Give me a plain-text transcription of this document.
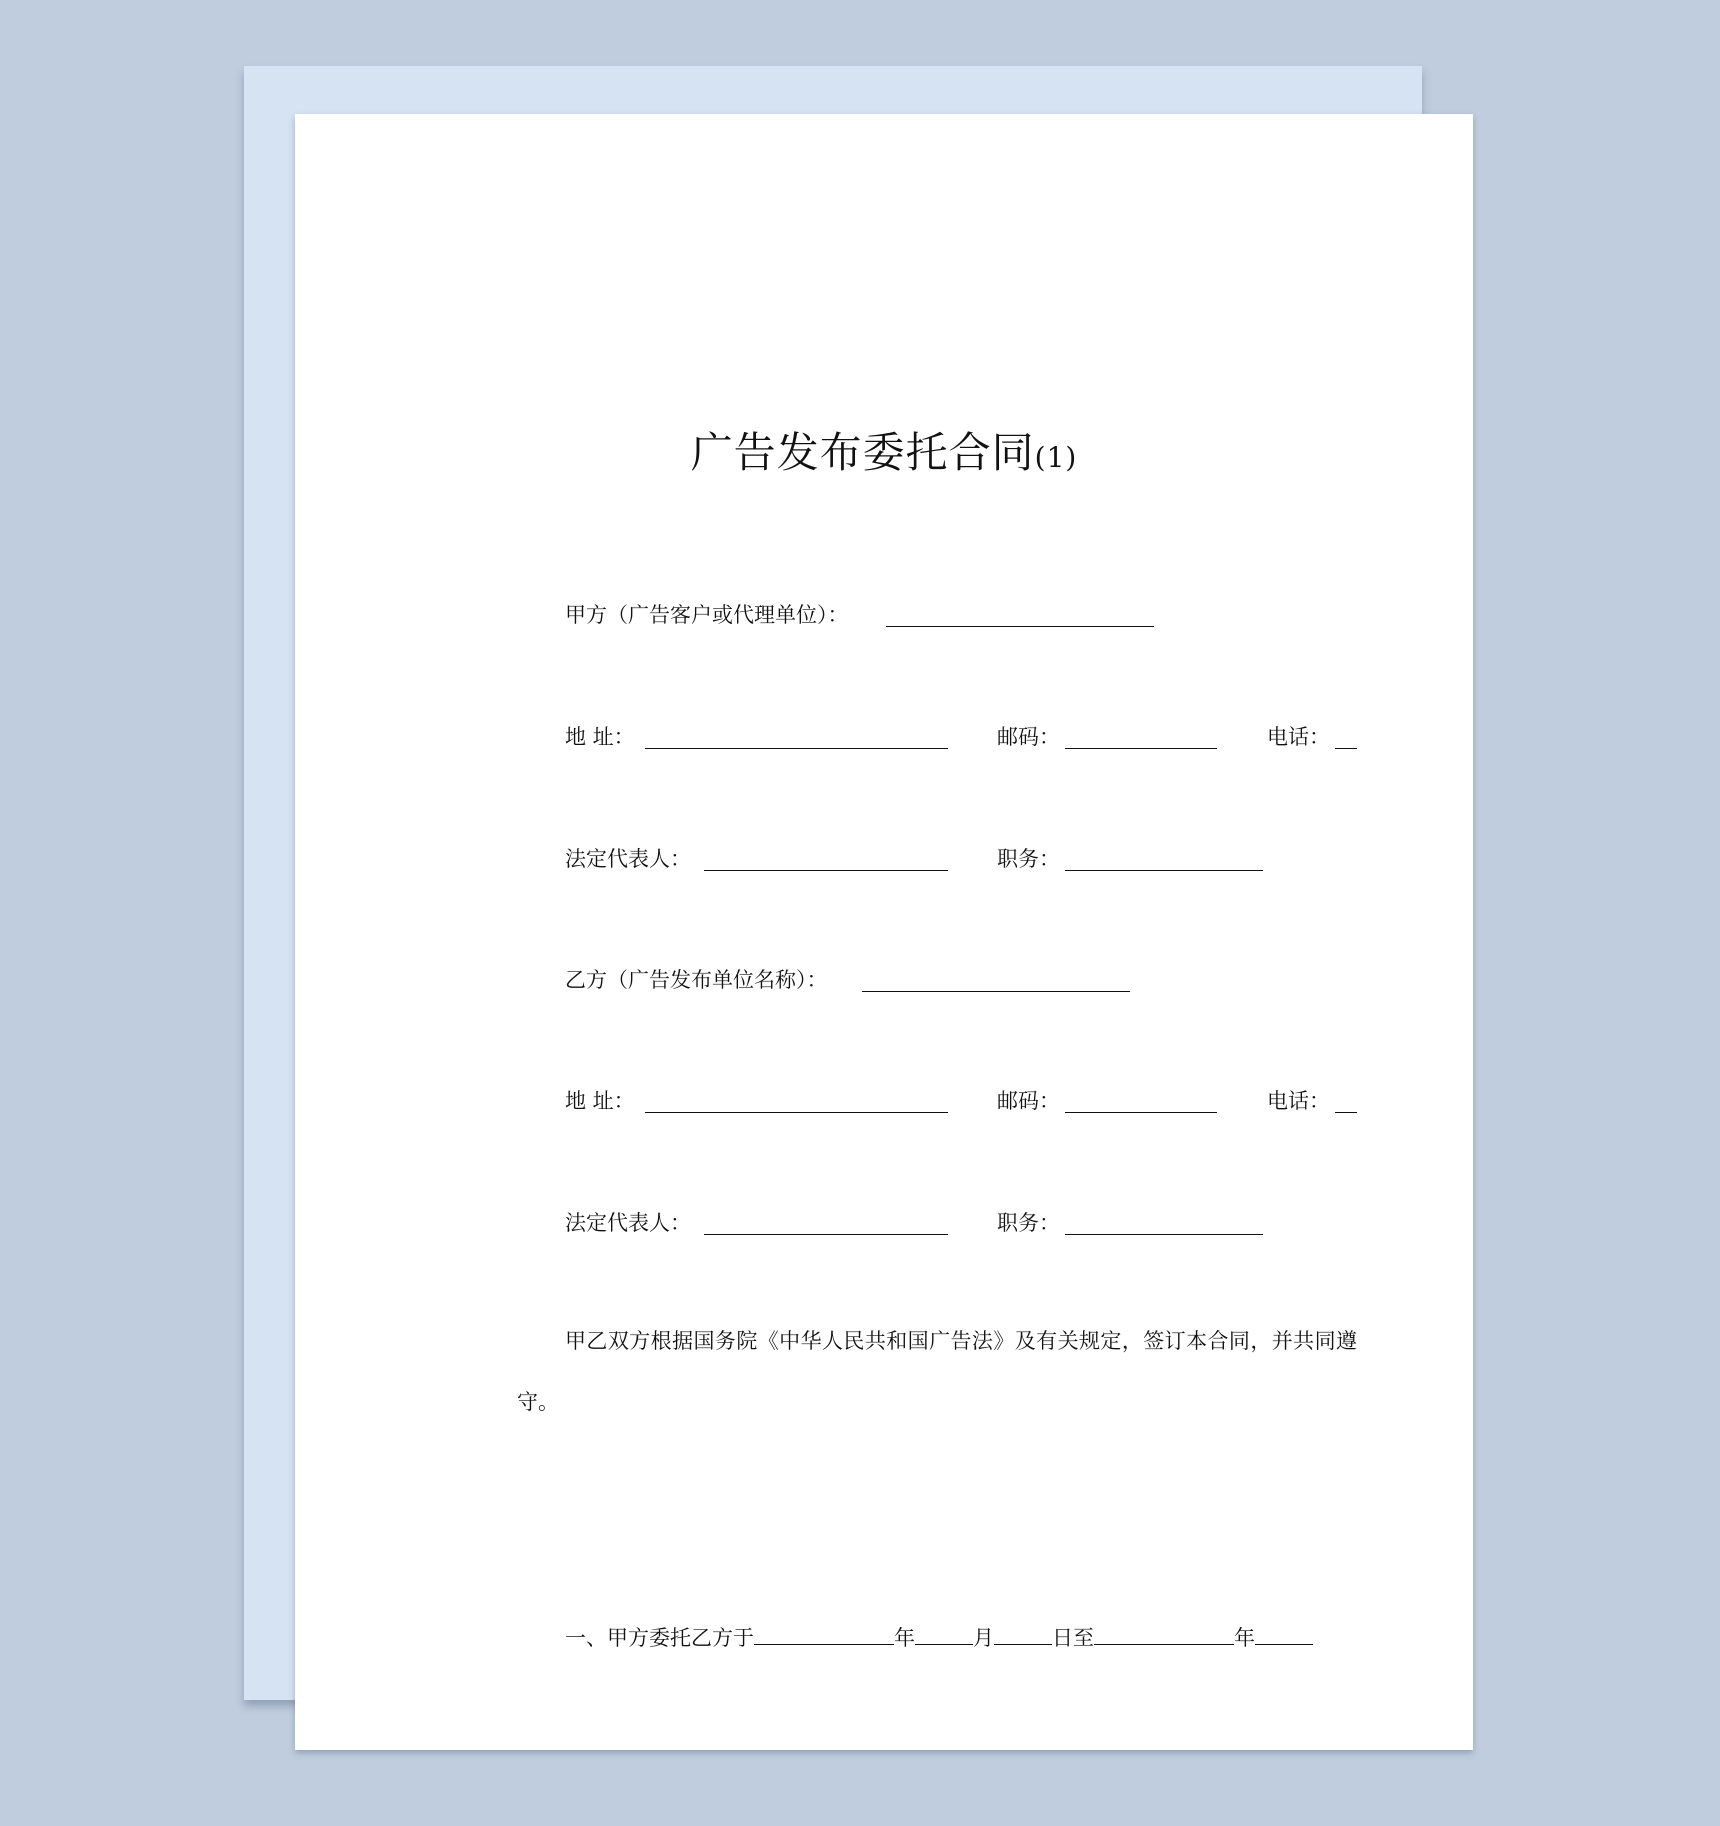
广告发布委托合同(1)
甲方（广告客户或代理单位）：
地 址：	邮码：	电话：
法定代表人：	职务：
乙方（广告发布单位名称）：
地 址：	邮码：	电话：
法定代表人：	职务：
甲乙双方根据国务院《中华人民共和国广告法》及有关规定，签订本合同，并共同遵守。
一、甲方委托乙方于	年	月	日至	年
